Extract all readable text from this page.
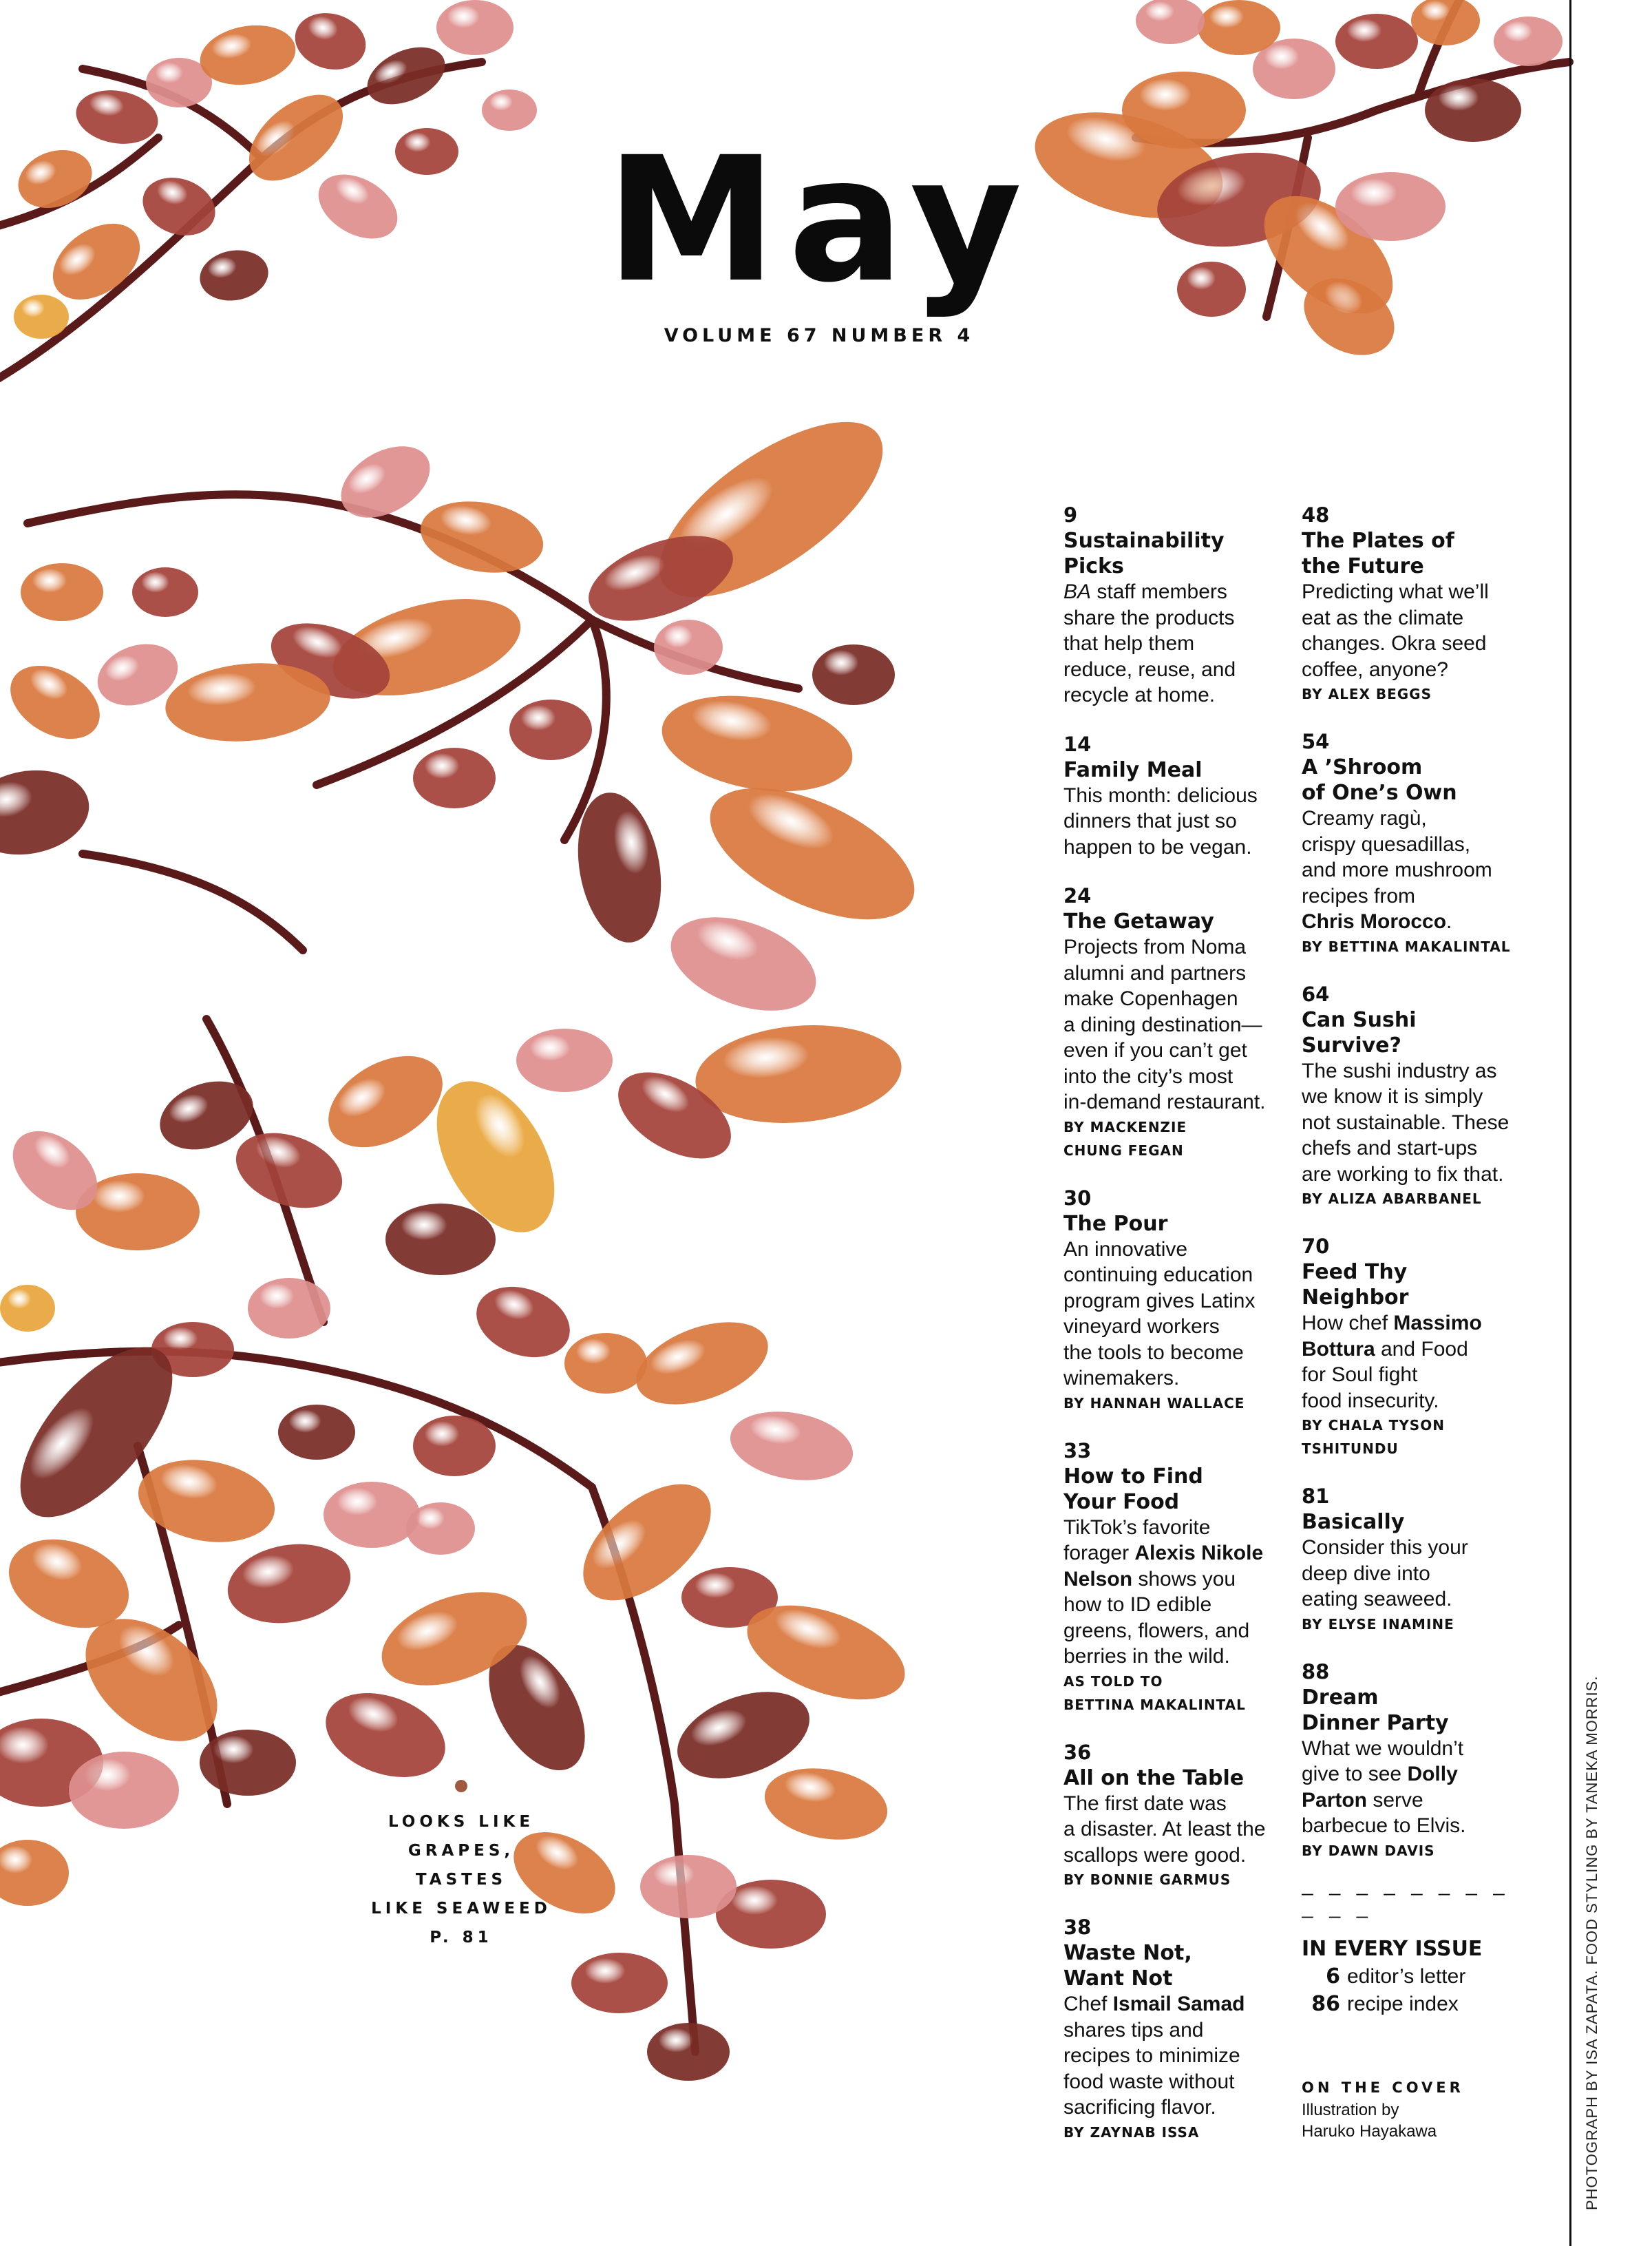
May
VOLUME 67 NUMBER 4
9
Sustainability
Picks
BA staff members
share the products
that help them
reduce, reuse, and
recycle at home.
14
Family Meal
This month: delicious
dinners that just so
happen to be vegan.
24
The Getaway
Projects from Noma
alumni and partners
make Copenhagen
a dining destination—
even if you can’t get
into the city’s most
in-demand restaurant.
BY MACKENZIE
CHUNG FEGAN
30
The Pour
An innovative
continuing education
program gives Latinx
vineyard workers
the tools to become
winemakers.
BY HANNAH WALLACE
33
How to Find
Your Food
TikTok’s favorite
forager Alexis Nikole
Nelson shows you
how to ID edible
greens, flowers, and
berries in the wild.
AS TOLD TO
BETTINA MAKALINTAL
36
All on the Table
The first date was
a disaster. At least the
scallops were good.
BY BONNIE GARMUS
38
Waste Not,
Want Not
Chef Ismail Samad
shares tips and
recipes to minimize
food waste without
sacrificing flavor.
BY ZAYNAB ISSA
48
The Plates of
the Future
Predicting what we’ll
eat as the climate
changes. Okra seed
coffee, anyone?
BY ALEX BEGGS
54
A ’Shroom
of One’s Own
Creamy ragù,
crispy quesadillas,
and more mushroom
recipes from
Chris Morocco.
BY BETTINA MAKALINTAL
64
Can Sushi
Survive?
The sushi industry as
we know it is simply
not sustainable. These
chefs and start-ups
are working to fix that.
BY ALIZA ABARBANEL
70
Feed Thy
Neighbor
How chef Massimo
Bottura and Food
for Soul fight
food insecurity.
BY CHALA TYSON
TSHITUNDU
81
Basically
Consider this your
deep dive into
eating seaweed.
BY ELYSE INAMINE
88
Dream
Dinner Party
What we wouldn’t
give to see Dolly
Parton serve
barbecue to Elvis.
BY DAWN DAVIS
– – – – – – – – – – –
IN EVERY ISSUE
6 editor’s letter
86 recipe index
ON THE COVER
Illustration by
Haruko Hayakawa
LOOKS LIKE
GRAPES, TASTES
LIKE SEAWEED
P. 81	PHOTOGRAPH BY ISA ZAPATA. FOOD STYLING BY TANEKA MORRIS.
